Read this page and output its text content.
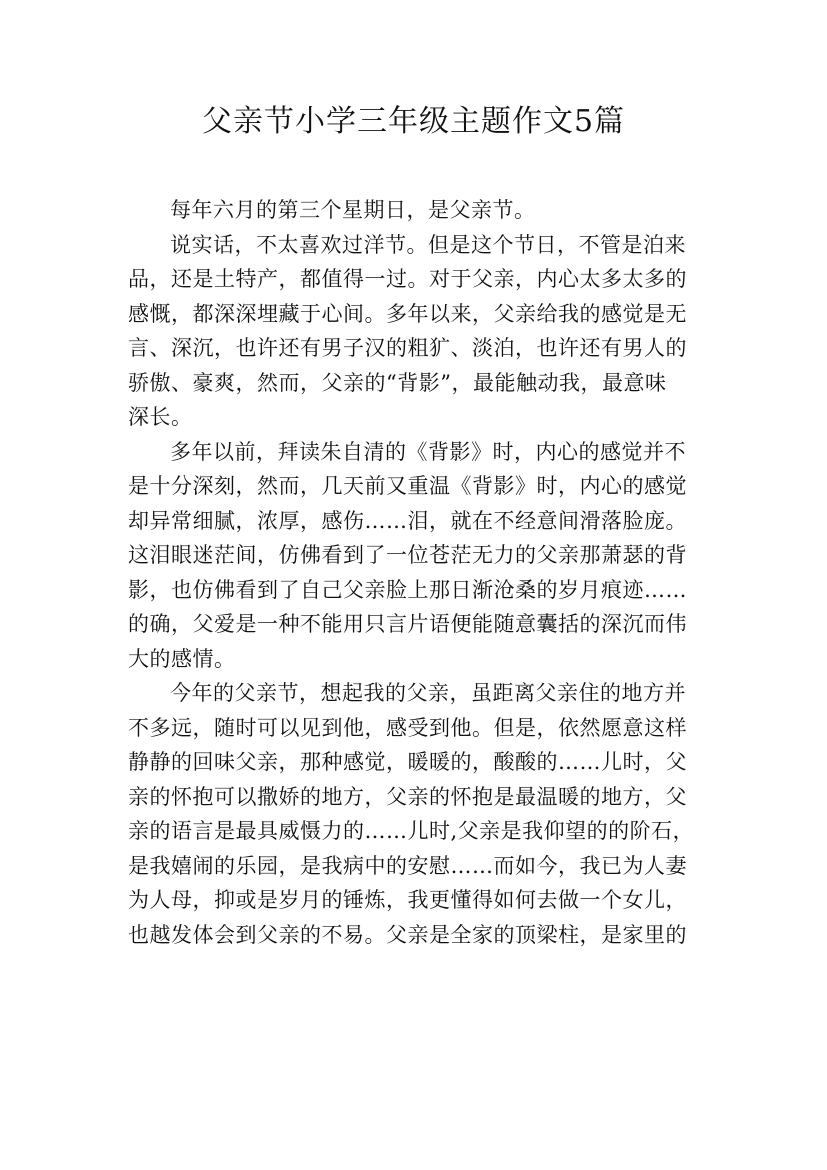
父亲节小学三年级主题作文5篇
每年六月的第三个星期日，是父亲节。
说实话，不太喜欢过洋节。但是这个节日，不管是泊来
品，还是土特产，都值得一过。对于父亲，内心太多太多的
感慨，都深深埋藏于心间。多年以来，父亲给我的感觉是无
言、深沉，也许还有男子汉的粗犷、淡泊，也许还有男人的
骄傲、豪爽，然而，父亲的“背影”，最能触动我，最意味
深长。
多年以前，拜读朱自清的《背影》时，内心的感觉并不
是十分深刻，然而，几天前又重温《背影》时，内心的感觉
却异常细腻，浓厚，感伤……泪，就在不经意间滑落脸庞。
这泪眼迷茫间，仿佛看到了一位苍茫无力的父亲那萧瑟的背
影，也仿佛看到了自己父亲脸上那日渐沧桑的岁月痕迹……
的确，父爱是一种不能用只言片语便能随意囊括的深沉而伟
大的感情。
今年的父亲节，想起我的父亲，虽距离父亲住的地方并
不多远，随时可以见到他，感受到他。但是，依然愿意这样
静静的回味父亲，那种感觉，暖暖的，酸酸的……儿时，父
亲的怀抱可以撒娇的地方，父亲的怀抱是最温暖的地方，父
亲的语言是最具威慑力的……儿时,父亲是我仰望的的阶石，
是我嬉闹的乐园，是我病中的安慰……而如今，我已为人妻
为人母，抑或是岁月的锤炼，我更懂得如何去做一个女儿，
也越发体会到父亲的不易。父亲是全家的顶梁柱，是家里的
